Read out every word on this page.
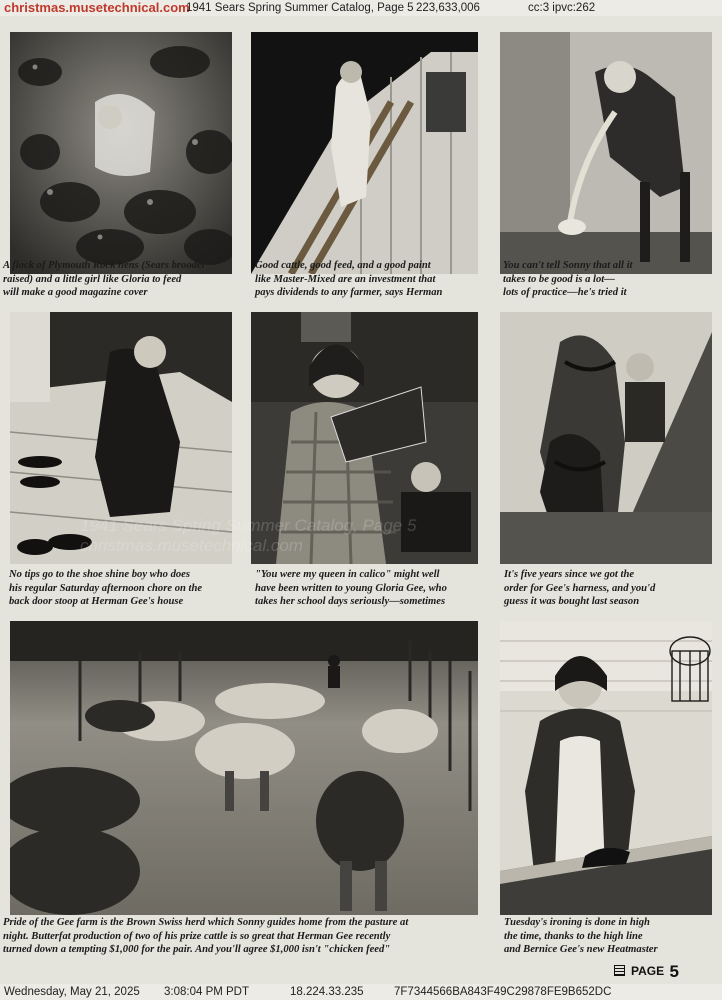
christmas.musetechnical.com
1941 Sears Spring Summer Catalog, Page 5 223,633,006	cc:3 ipvc:262
A flock of Plymouth Rock hens (Sears brooder
raised) and a little girl like Gloria to feed
will make a good magazine cover
Good cattle, good feed, and a good paint
like Master-Mixed are an investment that
pays dividends to any farmer, says Herman
You can't tell Sonny that all it
takes to be good is a lot—
lots of practice—he's tried it
No tips go to the shoe shine boy who does
his regular Saturday afternoon chore on the
back door stoop at Herman Gee's house
"You were my queen in calico" might well
have been written to young Gloria Gee, who
takes her school days seriously—sometimes
It's five years since we got the
order for Gee's harness, and you'd
guess it was bought last season
Pride of the Gee farm is the Brown Swiss herd which Sonny guides home from the pasture at
night. Butterfat production of two of his prize cattle is so great that Herman Gee recently
turned down a tempting $1,000 for the pair. And you'll agree $1,000 isn't "chicken feed"
Tuesday's ironing is done in high
the time, thanks to the high line
and Bernice Gee's new Heatmaster
PAGE 5
1941 Sears Spring Summer Catalog, Page 5
Wednesday, May 21, 2025 3:08:04 PM PDT	18.224.33.235	7F7344566BA843F49C29878FE9B652DC
